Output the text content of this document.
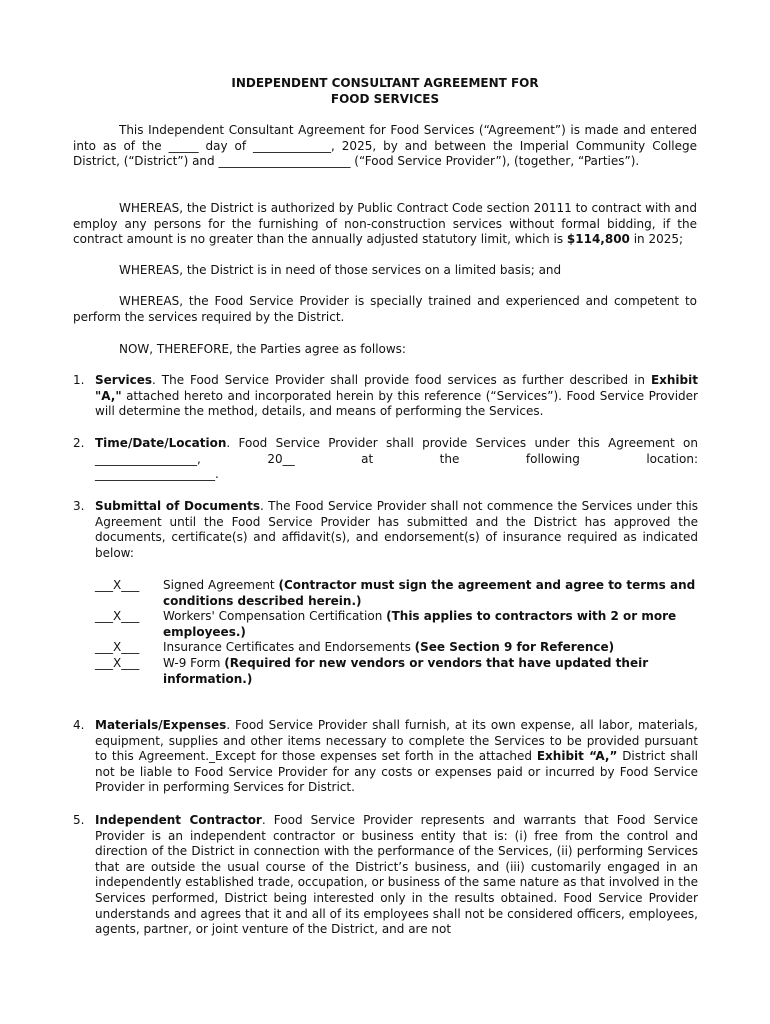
INDEPENDENT CONSULTANT AGREEMENT FOR
FOOD SERVICES
This Independent Consultant Agreement for Food Services (“Agreement”) is made and entered into as of the _____ day of _____________, 2025, by and between the Imperial Community College District, (“District”) and ______________________ (“Food Service Provider”), (together, “Parties”).
WHEREAS, the District is authorized by Public Contract Code section 20111 to contract with and employ any persons for the furnishing of non-construction services without formal bidding, if the contract amount is no greater than the annually adjusted statutory limit, which is $114,800 in 2025;
WHEREAS, the District is in need of those services on a limited basis; and
WHEREAS, the Food Service Provider is specially trained and experienced and competent to perform the services required by the District.
NOW, THEREFORE, the Parties agree as follows:
1. Services. The Food Service Provider shall provide food services as further described in Exhibit "A," attached hereto and incorporated herein by this reference (“Services”). Food Service Provider will determine the method, details, and means of performing the Services.
2. Time/Date/Location. Food Service Provider shall provide Services under this Agreement on
_________________, 20__ at the following location:
____________________.
3. Submittal of Documents. The Food Service Provider shall not commence the Services under this Agreement until the Food Service Provider has submitted and the District has approved the documents, certificate(s) and affidavit(s), and endorsement(s) of insurance required as indicated below:
___X___ Signed Agreement (Contractor must sign the agreement and agree to terms and conditions described herein.)
___X___ Workers' Compensation Certification (This applies to contractors with 2 or more employees.)
___X___ Insurance Certificates and Endorsements (See Section 9 for Reference)
___X___ W-9 Form (Required for new vendors or vendors that have updated their information.)
4. Materials/Expenses. Food Service Provider shall furnish, at its own expense, all labor, materials, equipment, supplies and other items necessary to complete the Services to be provided pursuant to this Agreement._Except for those expenses set forth in the attached Exhibit “A,” District shall not be liable to Food Service Provider for any costs or expenses paid or incurred by Food Service Provider in performing Services for District.
5. Independent Contractor. Food Service Provider represents and warrants that Food Service Provider is an independent contractor or business entity that is: (i) free from the control and direction of the District in connection with the performance of the Services, (ii) performing Services that are outside the usual course of the District’s business, and (iii) customarily engaged in an independently established trade, occupation, or business of the same nature as that involved in the Services performed, District being interested only in the results obtained. Food Service Provider understands and agrees that it and all of its employees shall not be considered officers, employees, agents, partner, or joint venture of the District, and are not
